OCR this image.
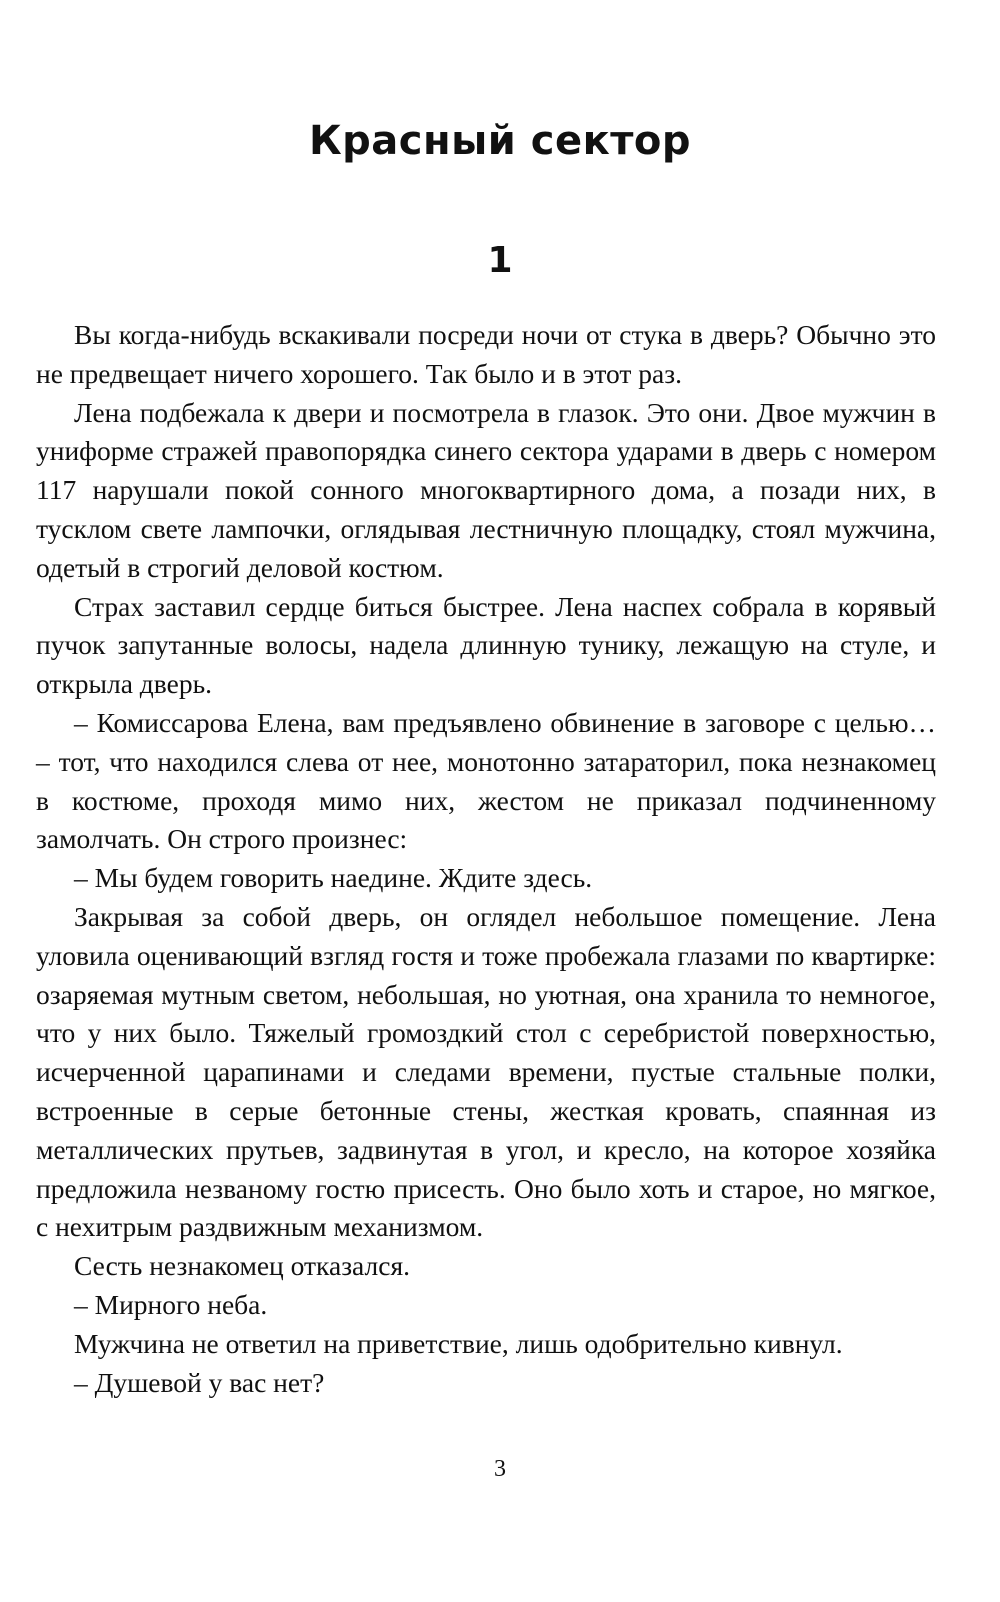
Красный сектор
1

Вы когда-нибудь вскакивали посреди ночи от стука в дверь? Обычно это не предвещает ничего хорошего. Так было и в этот раз.

Лена подбежала к двери и посмотрела в глазок. Это они. Двое мужчин в униформе стражей правопорядка синего сектора ударами в дверь с номером 117 нарушали покой сонного многоквартирного дома, а позади них, в тусклом свете лампочки, оглядывая лестничную площадку, стоял мужчина, одетый в строгий деловой костюм.

Страх заставил сердце биться быстрее. Лена наспех собрала в корявый пучок запутанные волосы, надела длинную тунику, лежащую на стуле, и открыла дверь.

– Комиссарова Елена, вам предъявлено обвинение в заговоре с целью… – тот, что находился слева от нее, монотонно затараторил, пока незнакомец в костюме, проходя мимо них, жестом не приказал подчиненному замолчать. Он строго произнес:

– Мы будем говорить наедине. Ждите здесь.

Закрывая за собой дверь, он оглядел небольшое помещение. Лена уловила оценивающий взгляд гостя и тоже пробежала глазами по квартирке: озаряемая мутным светом, небольшая, но уютная, она хранила то немногое, что у них было. Тяжелый громоздкий стол с серебристой поверхностью, исчерченной царапинами и следами времени, пустые стальные полки, встроенные в серые бетонные стены, жесткая кровать, спаянная из металлических прутьев, задвинутая в угол, и кресло, на которое хозяйка предложила незваному гостю присесть. Оно было хоть и старое, но мягкое, с нехитрым раздвижным механизмом.

Сесть незнакомец отказался.

– Мирного неба.

Мужчина не ответил на приветствие, лишь одобрительно кивнул.

– Душевой у вас нет?

3
